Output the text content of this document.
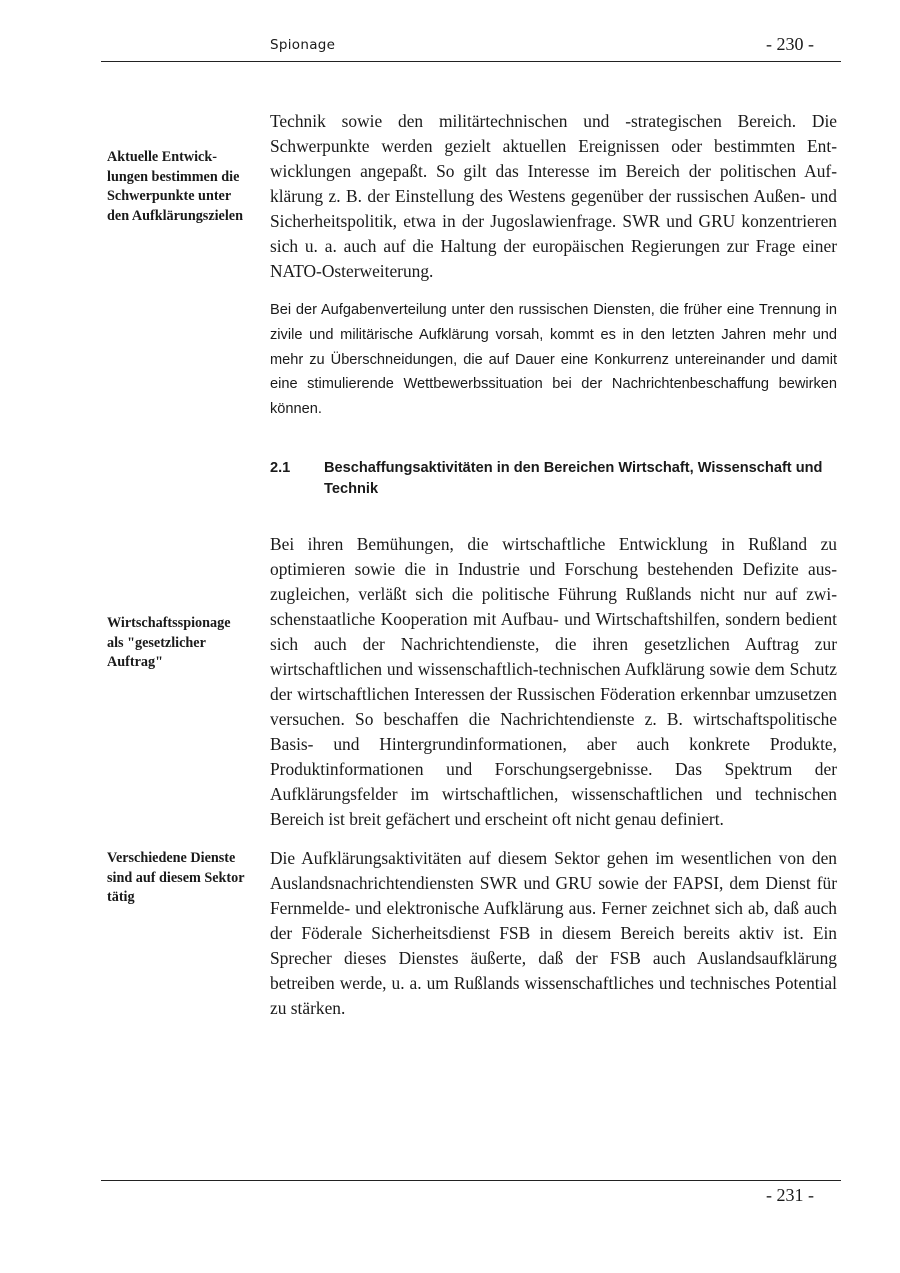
Spionage	- 230 -
Aktuelle Entwick-
lungen bestimmen die
Schwerpunkte unter
den Aufklärungszielen

Technik sowie den militärtechnischen und -strategischen Bereich. Die Schwerpunkte werden gezielt aktuellen Ereignissen oder bestimmten Entwicklungen angepaßt. So gilt das Interesse im Bereich der politischen Aufklärung z. B. der Einstellung des Westens gegenüber der russischen Außen- und Sicherheitspolitik, etwa in der Jugoslawienfrage. SWR und GRU konzentrieren sich u. a. auch auf die Haltung der europäischen Regierungen zur Frage einer NATO-Osterweiterung.

Bei der Aufgabenverteilung unter den russischen Diensten, die früher eine Trennung in zivile und militärische Aufklärung vorsah, kommt es in den letzten Jahren mehr und mehr zu Überschneidungen, die auf Dauer eine Konkurrenz untereinander und damit eine stimulierende Wettbewerbssituation bei der Nachrichtenbeschaffung bewirken können.

2.1 Beschaffungsaktivitäten in den Bereichen Wirtschaft, Wissenschaft und Technik
Wirtschaftsspionage
als "gesetzlicher
Auftrag"

Bei ihren Bemühungen, die wirtschaftliche Entwicklung in Rußland zu optimieren sowie die in Industrie und Forschung bestehenden Defizite auszugleichen, verläßt sich die politische Führung Rußlands nicht nur auf zwischenstaatliche Kooperation mit Aufbau- und Wirtschaftshilfen, sondern bedient sich auch der Nachrichtendienste, die ihren gesetzlichen Auftrag zur wirtschaftlichen und wissenschaftlich-technischen Aufklärung sowie dem Schutz der wirtschaftlichen Interessen der Russischen Föderation erkennbar umzusetzen versuchen. So beschaffen die Nachrichtendienste z. B. wirtschaftspolitische Basis- und Hintergrundinformationen, aber auch konkrete Produkte, Produktinformationen und Forschungsergebnisse. Das Spektrum der Aufklärungsfelder im wirtschaftlichen, wissenschaftlichen und technischen Bereich ist breit gefächert und erscheint oft nicht genau definiert.

Verschiedene Dienste
sind auf diesem Sektor
tätig

Die Aufklärungsaktivitäten auf diesem Sektor gehen im wesentlichen von den Auslandsnachrichtendiensten SWR und GRU sowie der FAPSI, dem Dienst für Fernmelde- und elektronische Aufklärung aus. Ferner zeichnet sich ab, daß auch der Föderale Sicherheitsdienst FSB in diesem Bereich bereits aktiv ist. Ein Sprecher dieses Dienstes äußerte, daß der FSB auch Auslandsaufklärung betreiben werde, u. a. um Rußlands wissenschaftliches und technisches Potential zu stärken.

- 231 -
